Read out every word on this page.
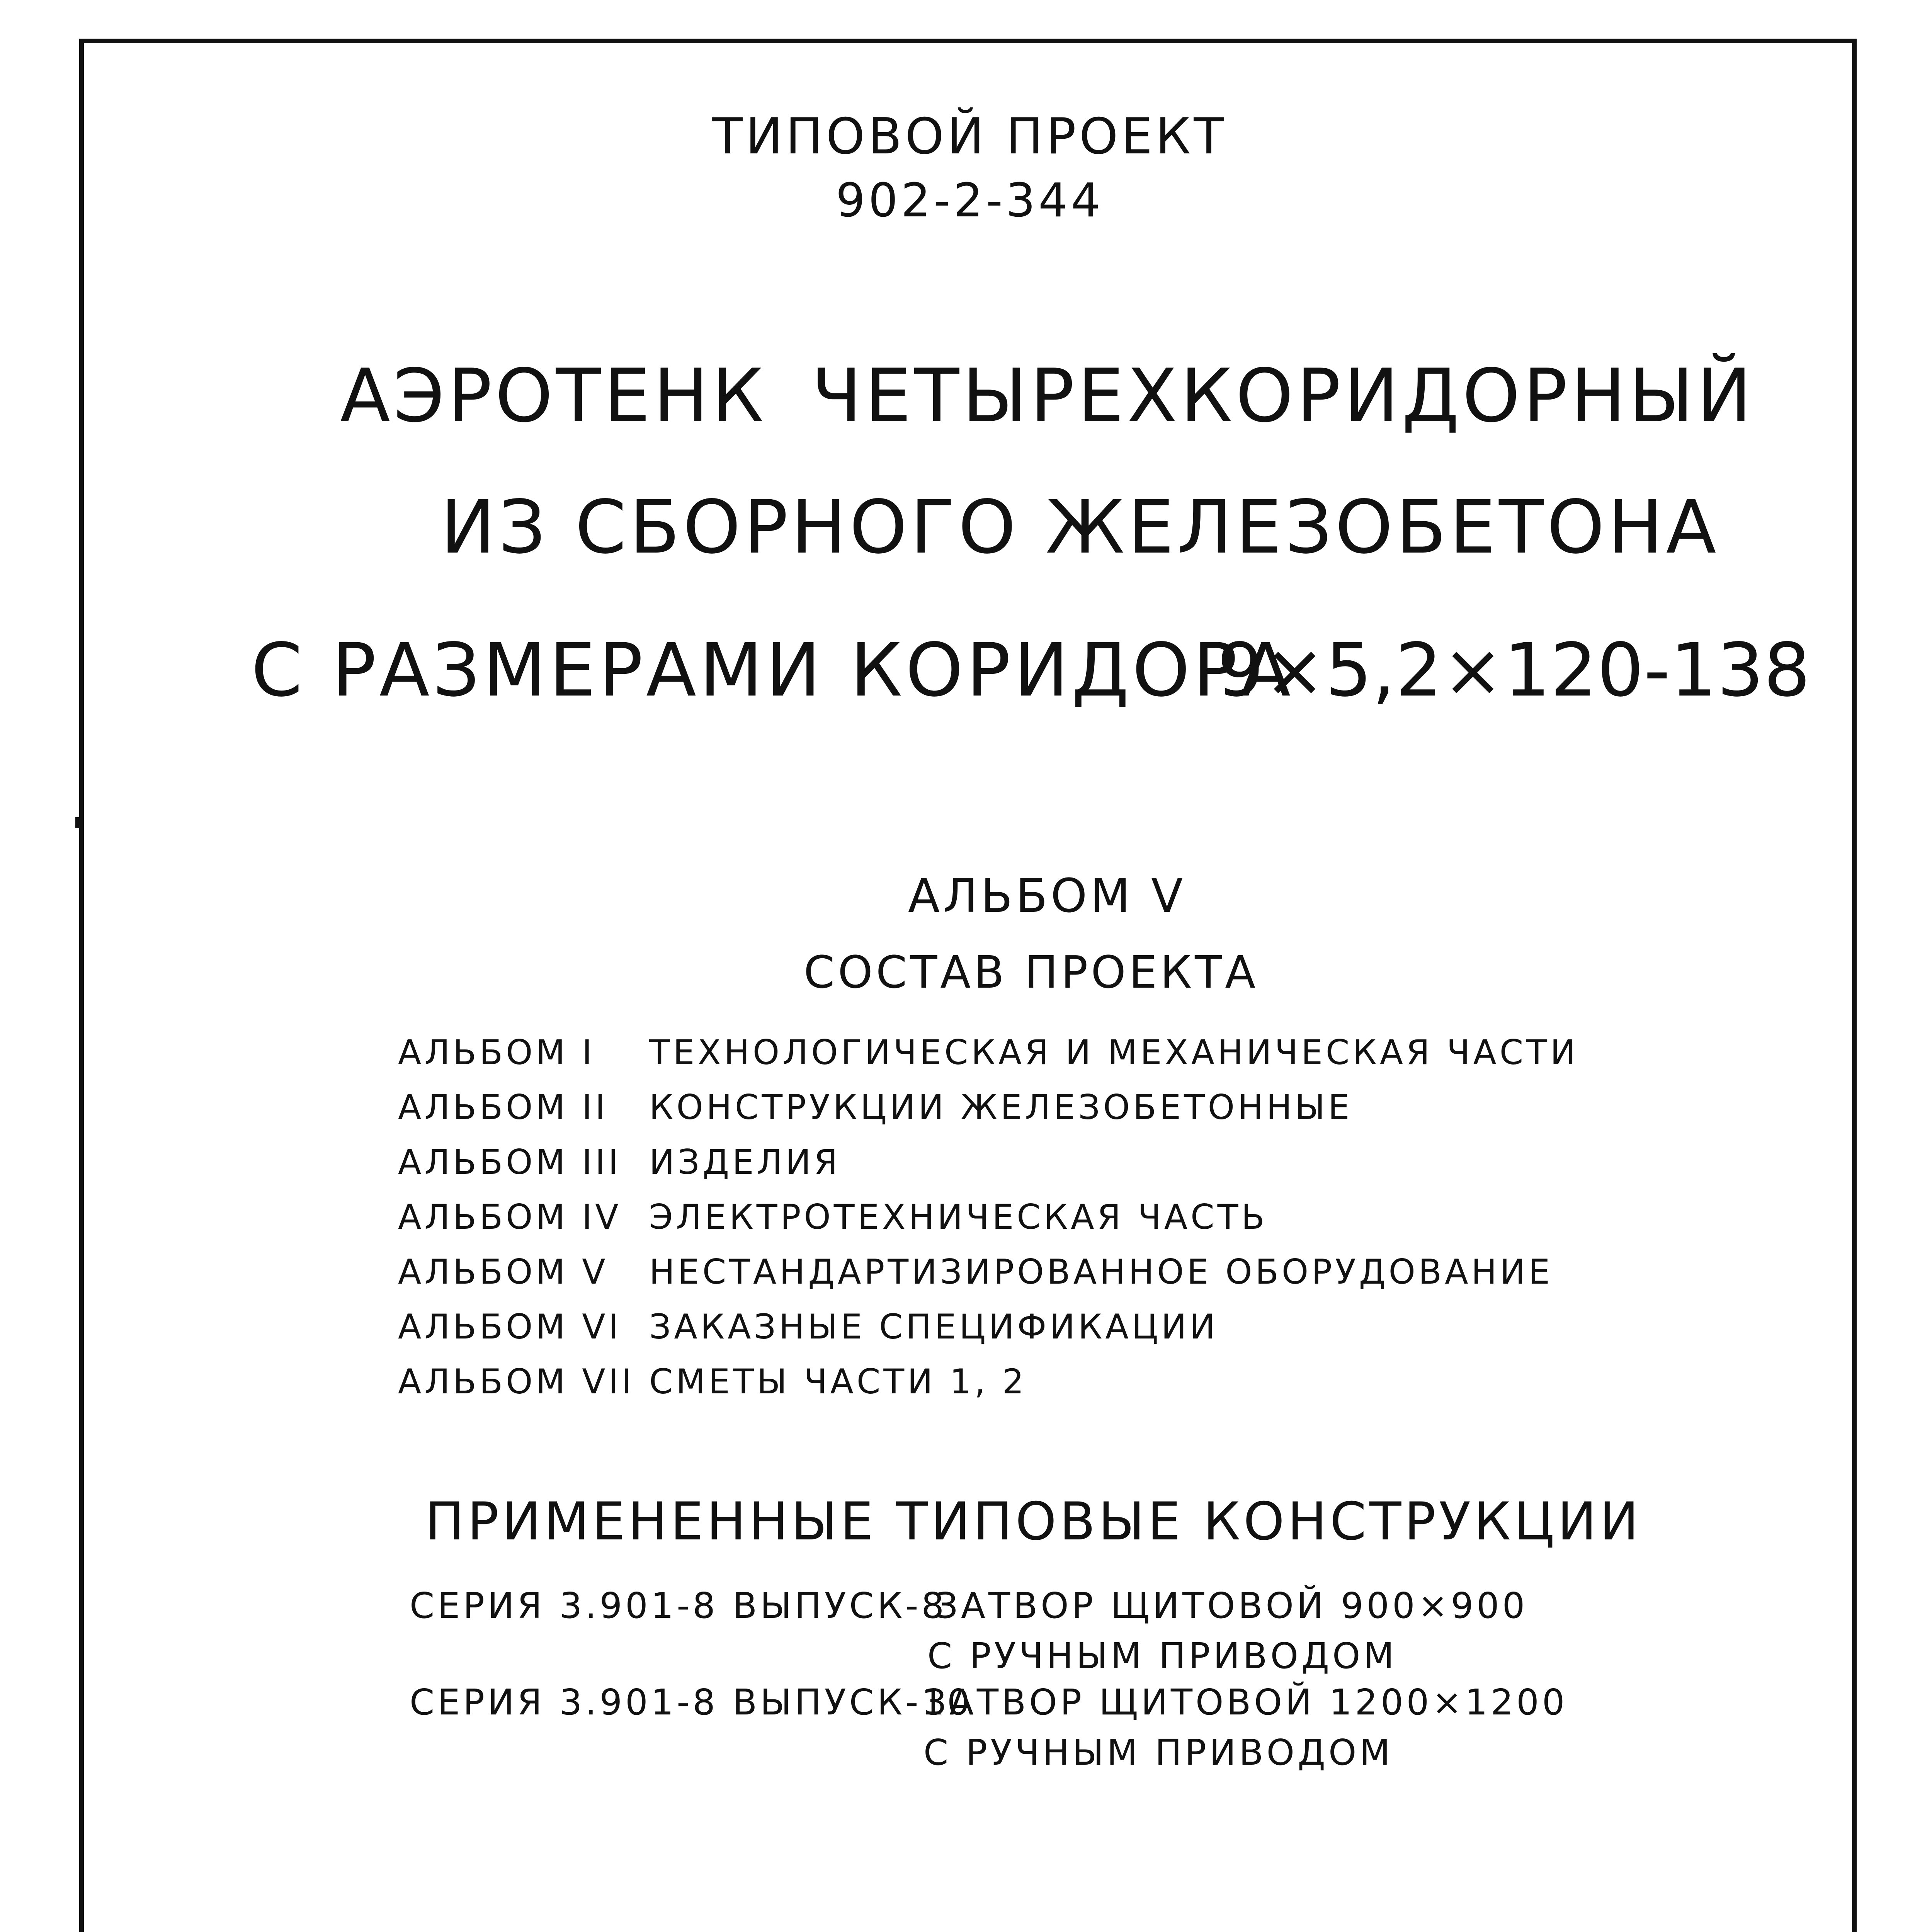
ТИПОВОЙ ПРОЕКТ
902-2-344
АЭРОТЕНК ЧЕТЫРЕХКОРИДОРНЫЙ
ИЗ СБОРНОГО ЖЕЛЕЗОБЕТОНА
С РАЗМЕРАМИ КОРИДОРА
9×5,2×120-138
АЛЬБОМ V
СОСТАВ ПРОЕКТА
АЛЬБОМ I ТЕХНОЛОГИЧЕСКАЯ И МЕХАНИЧЕСКАЯ ЧАСТИ
АЛЬБОМ II КОНСТРУКЦИИ ЖЕЛЕЗОБЕТОННЫЕ
АЛЬБОМ III ИЗДЕЛИЯ
АЛЬБОМ IV ЭЛЕКТРОТЕХНИЧЕСКАЯ ЧАСТЬ
АЛЬБОМ V НЕСТАНДАРТИЗИРОВАННОЕ ОБОРУДОВАНИЕ
АЛЬБОМ VI ЗАКАЗНЫЕ СПЕЦИФИКАЦИИ
АЛЬБОМ VII СМЕТЫ ЧАСТИ 1, 2
ПРИМЕНЕННЫЕ ТИПОВЫЕ КОНСТРУКЦИИ
СЕРИЯ 3.901-8 ВЫПУСК-8
ЗАТВОР ЩИТОВОЙ 900×900
С РУЧНЫМ ПРИВОДОМ
СЕРИЯ 3.901-8 ВЫПУСК-10
ЗАТВОР ЩИТОВОЙ 1200×1200
С РУЧНЫМ ПРИВОДОМ
